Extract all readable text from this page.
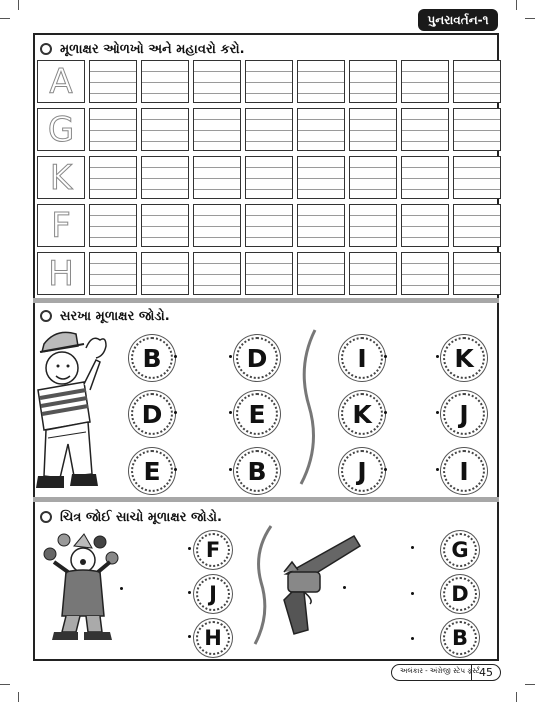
પુનરાવર્તન-૧
મૂળાક્ષર ઓળખો અને મહાવરો કરો.
A
G
K
F
H
સરખા મૂળાક્ષર જોડો.
B
D
E
D
E
B
I
K
J
K
J
I
ચિત્ર જોઈ સાચો મૂળાક્ષર જોડો.
F
J
H
G
D
B
અલંકાર - અંગ્રેજી સ્ટેપ ફર્સ્ટ 45
